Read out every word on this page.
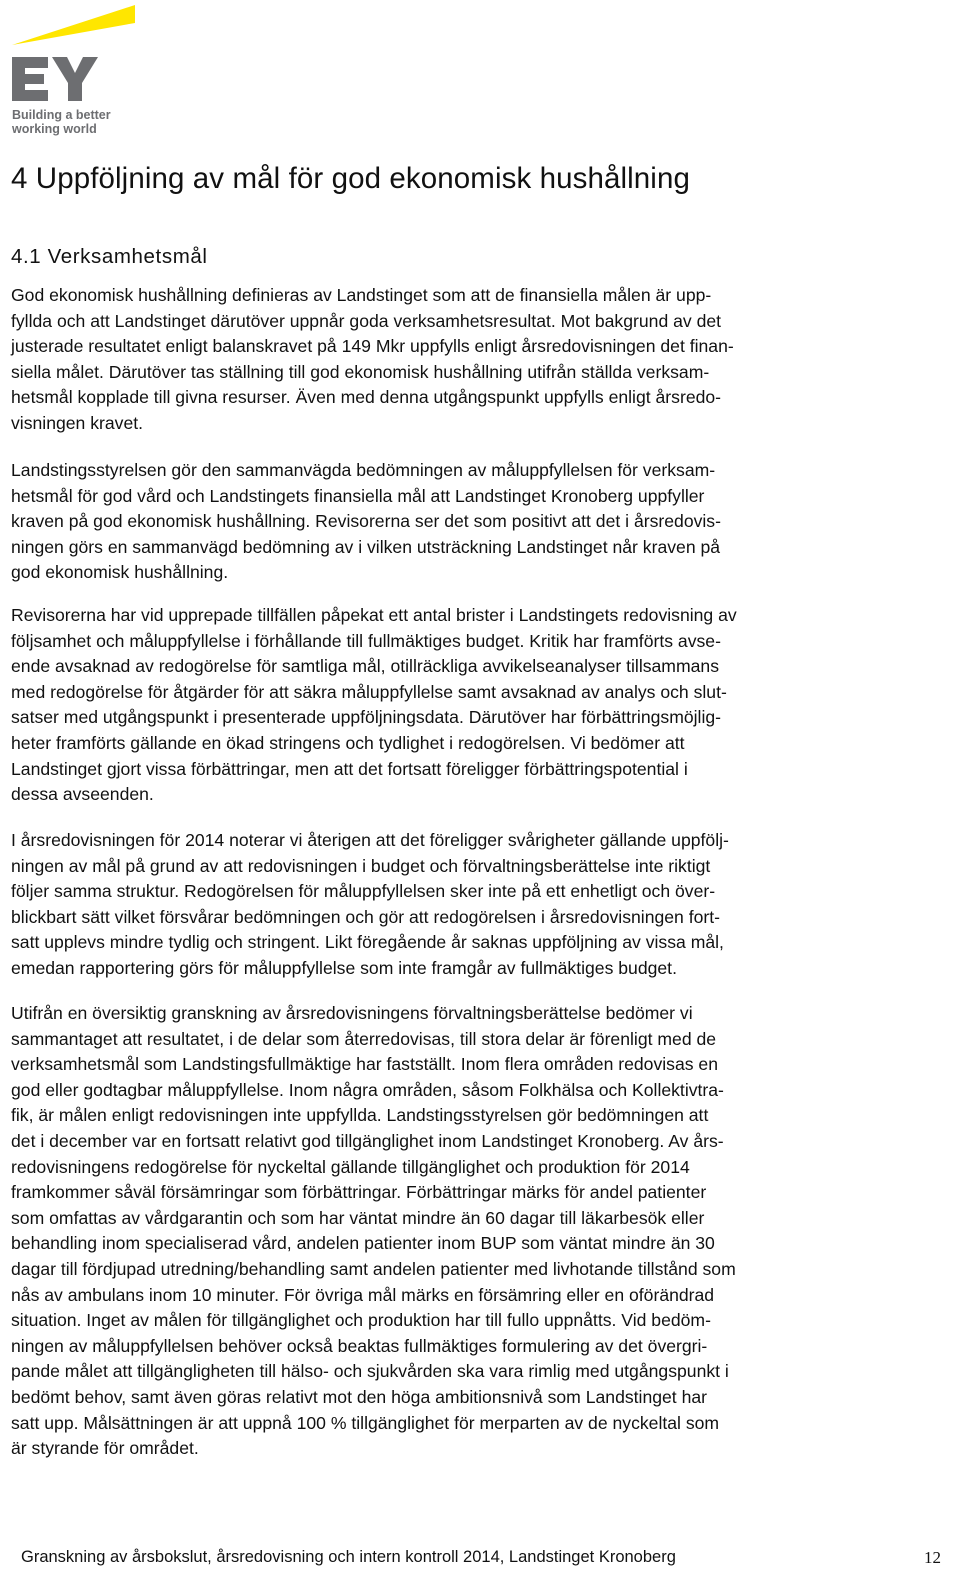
Building a better
working world
4 Uppföljning av mål för god ekonomisk hushållning
4.1 Verksamhetsmål
God ekonomisk hushållning definieras av Landstinget som att de finansiella målen är upp-
fyllda och att Landstinget därutöver uppnår goda verksamhetsresultat. Mot bakgrund av det
justerade resultatet enligt balanskravet på 149 Mkr uppfylls enligt årsredovisningen det finan-
siella målet. Därutöver tas ställning till god ekonomisk hushållning utifrån ställda verksam-
hetsmål kopplade till givna resurser. Även med denna utgångspunkt uppfylls enligt årsredo-
visningen kravet.
Landstingsstyrelsen gör den sammanvägda bedömningen av måluppfyllelsen för verksam-
hetsmål för god vård och Landstingets finansiella mål att Landstinget Kronoberg uppfyller
kraven på god ekonomisk hushållning. Revisorerna ser det som positivt att det i årsredovis-
ningen görs en sammanvägd bedömning av i vilken utsträckning Landstinget når kraven på
god ekonomisk hushållning.
Revisorerna har vid upprepade tillfällen påpekat ett antal brister i Landstingets redovisning av
följsamhet och måluppfyllelse i förhållande till fullmäktiges budget. Kritik har framförts avse-
ende avsaknad av redogörelse för samtliga mål, otillräckliga avvikelseanalyser tillsammans
med redogörelse för åtgärder för att säkra måluppfyllelse samt avsaknad av analys och slut-
satser med utgångspunkt i presenterade uppföljningsdata. Därutöver har förbättringsmöjlig-
heter framförts gällande en ökad stringens och tydlighet i redogörelsen. Vi bedömer att
Landstinget gjort vissa förbättringar, men att det fortsatt föreligger förbättringspotential i
dessa avseenden.
I årsredovisningen för 2014 noterar vi återigen att det föreligger svårigheter gällande uppfölj-
ningen av mål på grund av att redovisningen i budget och förvaltningsberättelse inte riktigt
följer samma struktur. Redogörelsen för måluppfyllelsen sker inte på ett enhetligt och över-
blickbart sätt vilket försvårar bedömningen och gör att redogörelsen i årsredovisningen fort-
satt upplevs mindre tydlig och stringent. Likt föregående år saknas uppföljning av vissa mål,
emedan rapportering görs för måluppfyllelse som inte framgår av fullmäktiges budget.
Utifrån en översiktig granskning av årsredovisningens förvaltningsberättelse bedömer vi
sammantaget att resultatet, i de delar som återredovisas, till stora delar är förenligt med de
verksamhetsmål som Landstingsfullmäktige har fastställt. Inom flera områden redovisas en
god eller godtagbar måluppfyllelse. Inom några områden, såsom Folkhälsa och Kollektivtra-
fik, är målen enligt redovisningen inte uppfyllda. Landstingsstyrelsen gör bedömningen att
det i december var en fortsatt relativt god tillgänglighet inom Landstinget Kronoberg. Av års-
redovisningens redogörelse för nyckeltal gällande tillgänglighet och produktion för 2014
framkommer såväl försämringar som förbättringar. Förbättringar märks för andel patienter
som omfattas av vårdgarantin och som har väntat mindre än 60 dagar till läkarbesök eller
behandling inom specialiserad vård, andelen patienter inom BUP som väntat mindre än 30
dagar till fördjupad utredning/behandling samt andelen patienter med livhotande tillstånd som
nås av ambulans inom 10 minuter. För övriga mål märks en försämring eller en oförändrad
situation. Inget av målen för tillgänglighet och produktion har till fullo uppnåtts. Vid bedöm-
ningen av måluppfyllelsen behöver också beaktas fullmäktiges formulering av det övergri-
pande målet att tillgängligheten till hälso- och sjukvården ska vara rimlig med utgångspunkt i
bedömt behov, samt även göras relativt mot den höga ambitionsnivå som Landstinget har
satt upp. Målsättningen är att uppnå 100 % tillgänglighet för merparten av de nyckeltal som
är styrande för området.
Granskning av årsbokslut, årsredovisning och intern kontroll 2014, Landstinget Kronoberg	12
